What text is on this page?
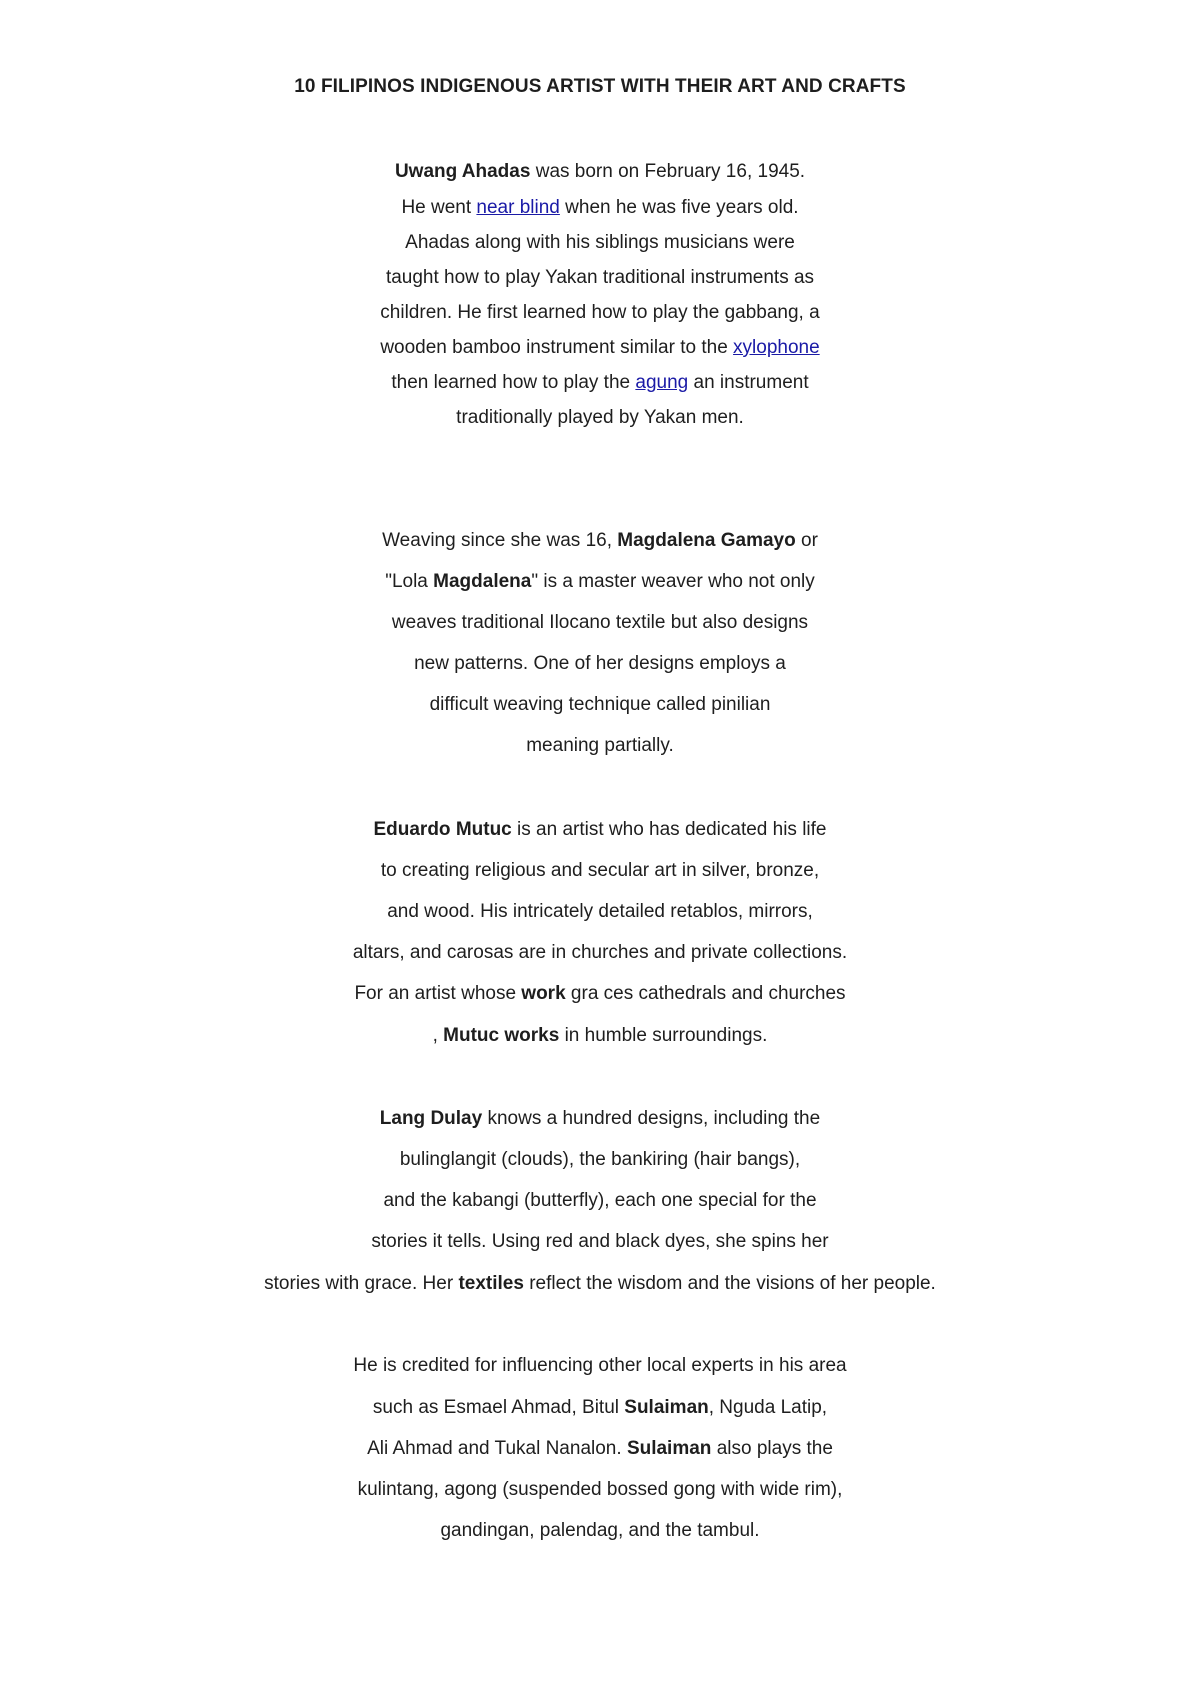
10 FILIPINOS INDIGENOUS ARTIST WITH THEIR ART AND CRAFTS
Uwang Ahadas was born on February 16, 1945.
He went near blind when he was five years old.
Ahadas along with his siblings musicians were
taught how to play Yakan traditional instruments as
children. He first learned how to play the gabbang, a
wooden bamboo instrument similar to the xylophone
then learned how to play the agung an instrument
traditionally played by Yakan men.
Weaving since she was 16, Magdalena Gamayo or
"Lola Magdalena" is a master weaver who not only
weaves traditional Ilocano textile but also designs
new patterns. One of her designs employs a
difficult weaving technique called pinilian
meaning partially.
Eduardo Mutuc is an artist who has dedicated his life
to creating religious and secular art in silver, bronze,
and wood. His intricately detailed retablos, mirrors,
altars, and carosas are in churches and private collections.
For an artist whose work gra ces cathedrals and churches
, Mutuc works in humble surroundings.
Lang Dulay knows a hundred designs, including the
bulinglangit (clouds), the bankiring (hair bangs),
and the kabangi (butterfly), each one special for the
stories it tells. Using red and black dyes, she spins her
stories with grace. Her textiles reflect the wisdom and the visions of her people.
He is credited for influencing other local experts in his area
such as Esmael Ahmad, Bitul Sulaiman, Nguda Latip,
Ali Ahmad and Tukal Nanalon. Sulaiman also plays the
kulintang, agong (suspended bossed gong with wide rim),
gandingan, palendag, and the tambul.
